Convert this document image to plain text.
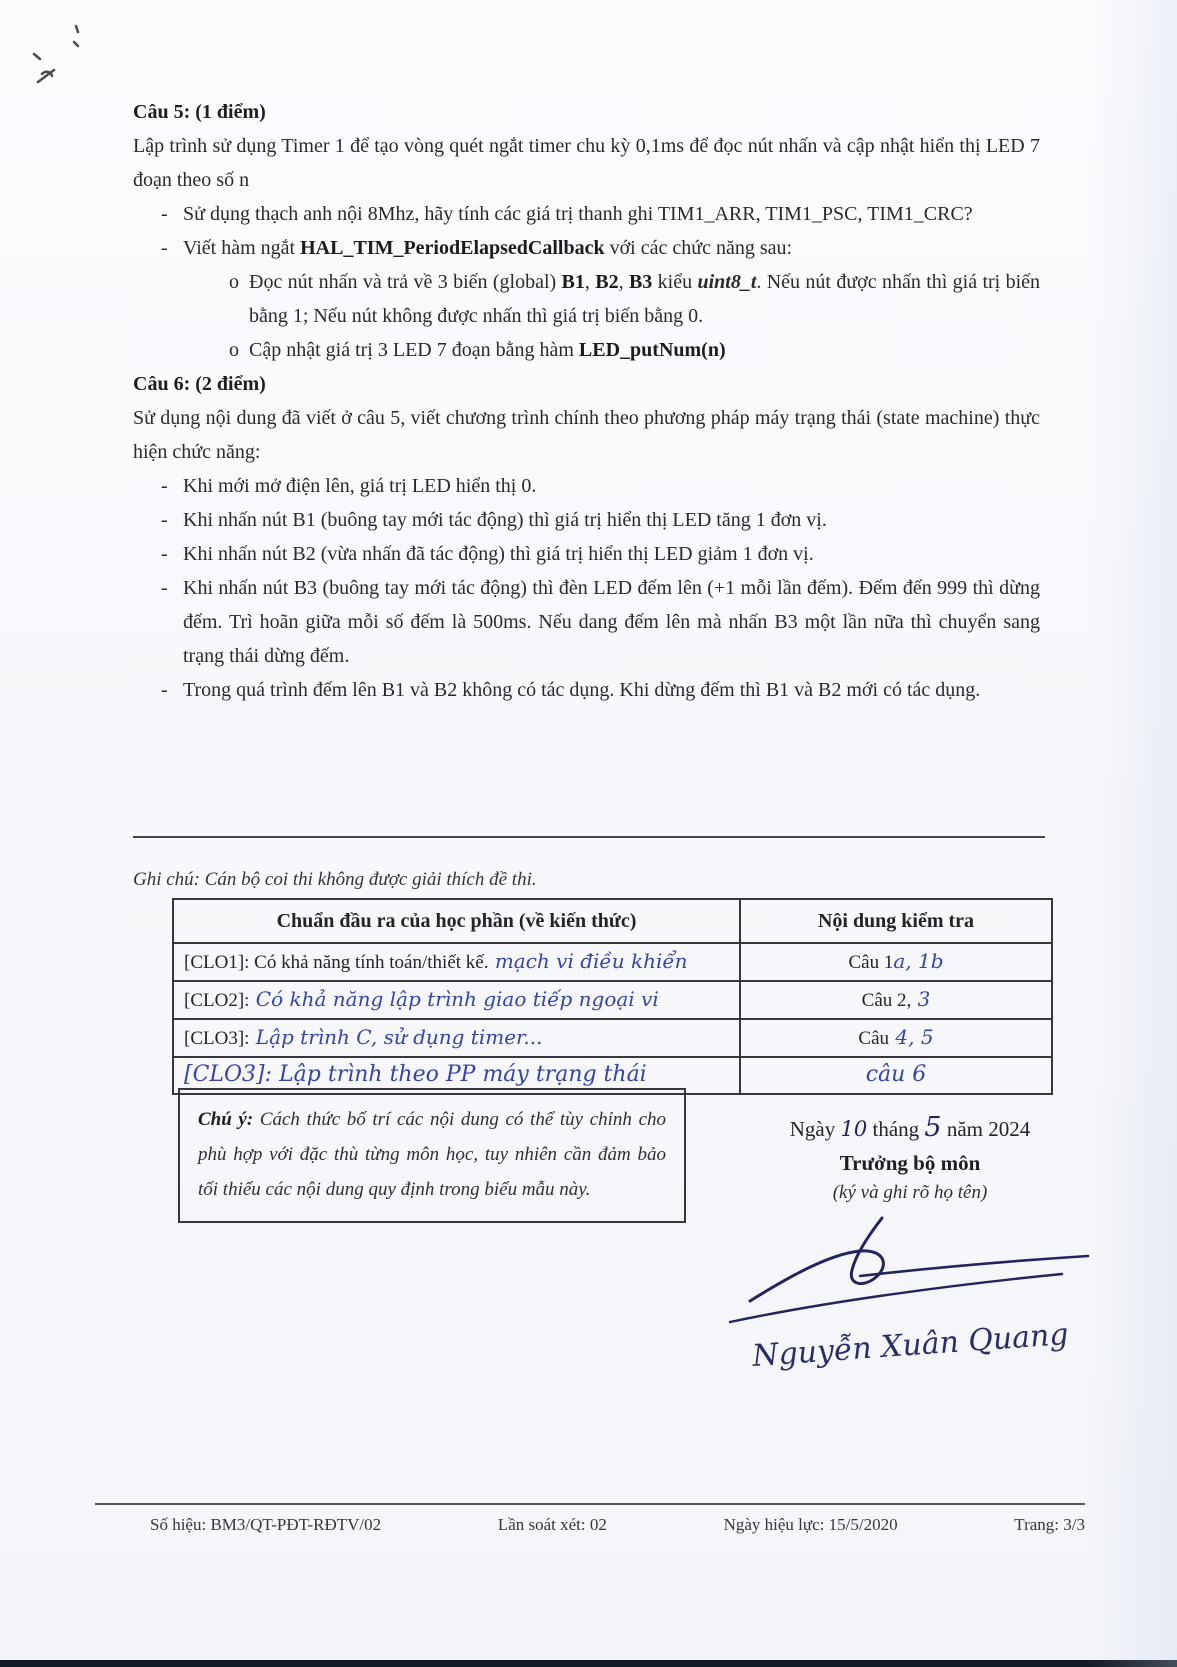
Câu 5: (1 điểm)

Lập trình sử dụng Timer 1 để tạo vòng quét ngắt timer chu kỳ 0,1ms để đọc nút nhấn và cập nhật hiển thị LED 7 đoạn theo số n

- Sử dụng thạch anh nội 8Mhz, hãy tính các giá trị thanh ghi TIM1_ARR, TIM1_PSC, TIM1_CRC?
- Viết hàm ngắt HAL_TIM_PeriodElapsedCallback với các chức năng sau:
o Đọc nút nhấn và trả về 3 biến (global) B1, B2, B3 kiểu uint8_t. Nếu nút được nhấn thì giá trị biến bằng 1; Nếu nút không được nhấn thì giá trị biến bằng 0.
o Cập nhật giá trị 3 LED 7 đoạn bằng hàm LED_putNum(n)
Câu 6: (2 điểm)

Sử dụng nội dung đã viết ở câu 5, viết chương trình chính theo phương pháp máy trạng thái (state machine) thực hiện chức năng:

- Khi mới mở điện lên, giá trị LED hiển thị 0.
- Khi nhấn nút B1 (buông tay mới tác động) thì giá trị hiển thị LED tăng 1 đơn vị.
- Khi nhấn nút B2 (vừa nhấn đã tác động) thì giá trị hiển thị LED giảm 1 đơn vị.
- Khi nhấn nút B3 (buông tay mới tác động) thì đèn LED đếm lên (+1 mỗi lần đếm). Đếm đến 999 thì dừng đếm. Trì hoãn giữa mỗi số đếm là 500ms. Nếu dang đếm lên mà nhấn B3 một lần nữa thì chuyển sang trạng thái dừng đếm.
- Trong quá trình đếm lên B1 và B2 không có tác dụng. Khi dừng đếm thì B1 và B2 mới có tác dụng.

Ghi chú: Cán bộ coi thi không được giải thích đề thi.

Chuẩn đầu ra của học phần (về kiến thức)	Nội dung kiểm tra
[CLO1]: Có khả năng tính toán/thiết kế. mạch vi điều khiển	Câu 1a, 1b
[CLO2]: Có khả năng lập trình giao tiếp ngoại vi	Câu 2, 3
[CLO3]: Lập trình C, sử dụng timer...	Câu 4, 5
[CLO3]: Lập trình theo PP máy trạng thái	câu 6
Chú ý: Cách thức bố trí các nội dung có thể tùy chỉnh cho phù hợp với đặc thù từng môn học, tuy nhiên cần đảm bảo tối thiểu các nội dung quy định trong biểu mẫu này.
Ngày 10 tháng 5 năm 2024
Trưởng bộ môn
(ký và ghi rõ họ tên)
Nguyễn Xuân Quang
Số hiệu: BM3/QT-PĐT-RĐTV/02	Lần soát xét: 02	Ngày hiệu lực: 15/5/2020	Trang: 3/3
